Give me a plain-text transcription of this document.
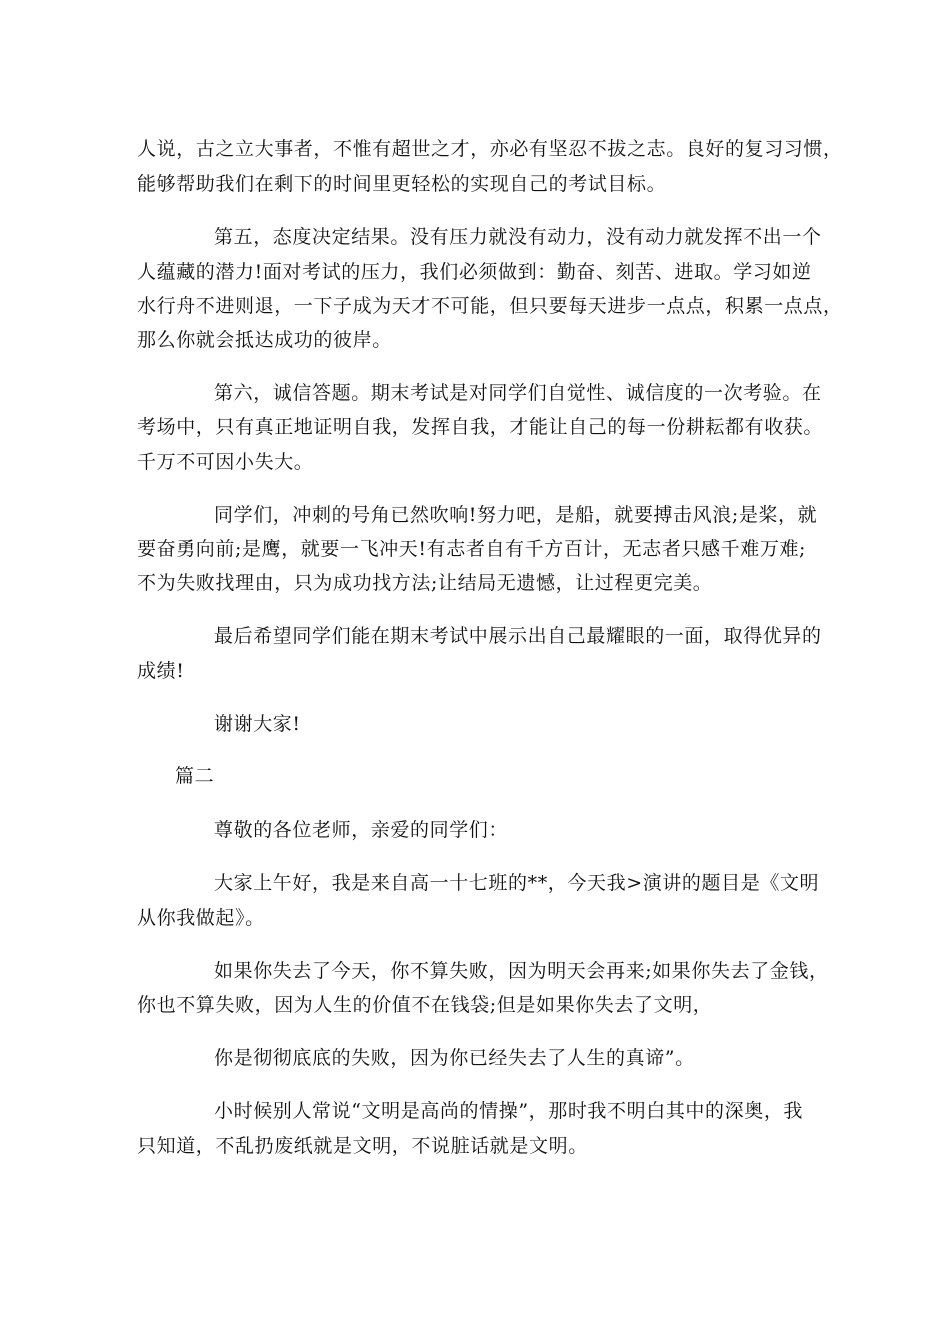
人说，古之立大事者，不惟有超世之才，亦必有坚忍不拔之志。良好的复习习惯，

能够帮助我们在剩下的时间里更轻松的实现自己的考试目标。

第五，态度决定结果。没有压力就没有动力，没有动力就发挥不出一个

人蕴藏的潜力!面对考试的压力，我们必须做到：勤奋、刻苦、进取。学习如逆

水行舟不进则退，一下子成为天才不可能，但只要每天进步一点点，积累一点点，

那么你就会抵达成功的彼岸。

第六，诚信答题。期末考试是对同学们自觉性、诚信度的一次考验。在

考场中，只有真正地证明自我，发挥自我，才能让自己的每一份耕耘都有收获。

千万不可因小失大。

同学们，冲刺的号角已然吹响!努力吧，是船，就要搏击风浪;是桨，就

要奋勇向前;是鹰，就要一飞冲天!有志者自有千方百计，无志者只感千难万难;

不为失败找理由，只为成功找方法;让结局无遗憾，让过程更完美。

最后希望同学们能在期末考试中展示出自己最耀眼的一面，取得优异的

成绩!

谢谢大家!

篇二

尊敬的各位老师，亲爱的同学们：

大家上午好，我是来自高一十七班的**，今天我>演讲的题目是《文明

从你我做起》。

如果你失去了今天，你不算失败，因为明天会再来;如果你失去了金钱，

你也不算失败，因为人生的价值不在钱袋;但是如果你失去了文明，

你是彻彻底底的失败，因为你已经失去了人生的真谛”。

小时候别人常说“文明是高尚的情操”，那时我不明白其中的深奥，我

只知道，不乱扔废纸就是文明，不说脏话就是文明。
